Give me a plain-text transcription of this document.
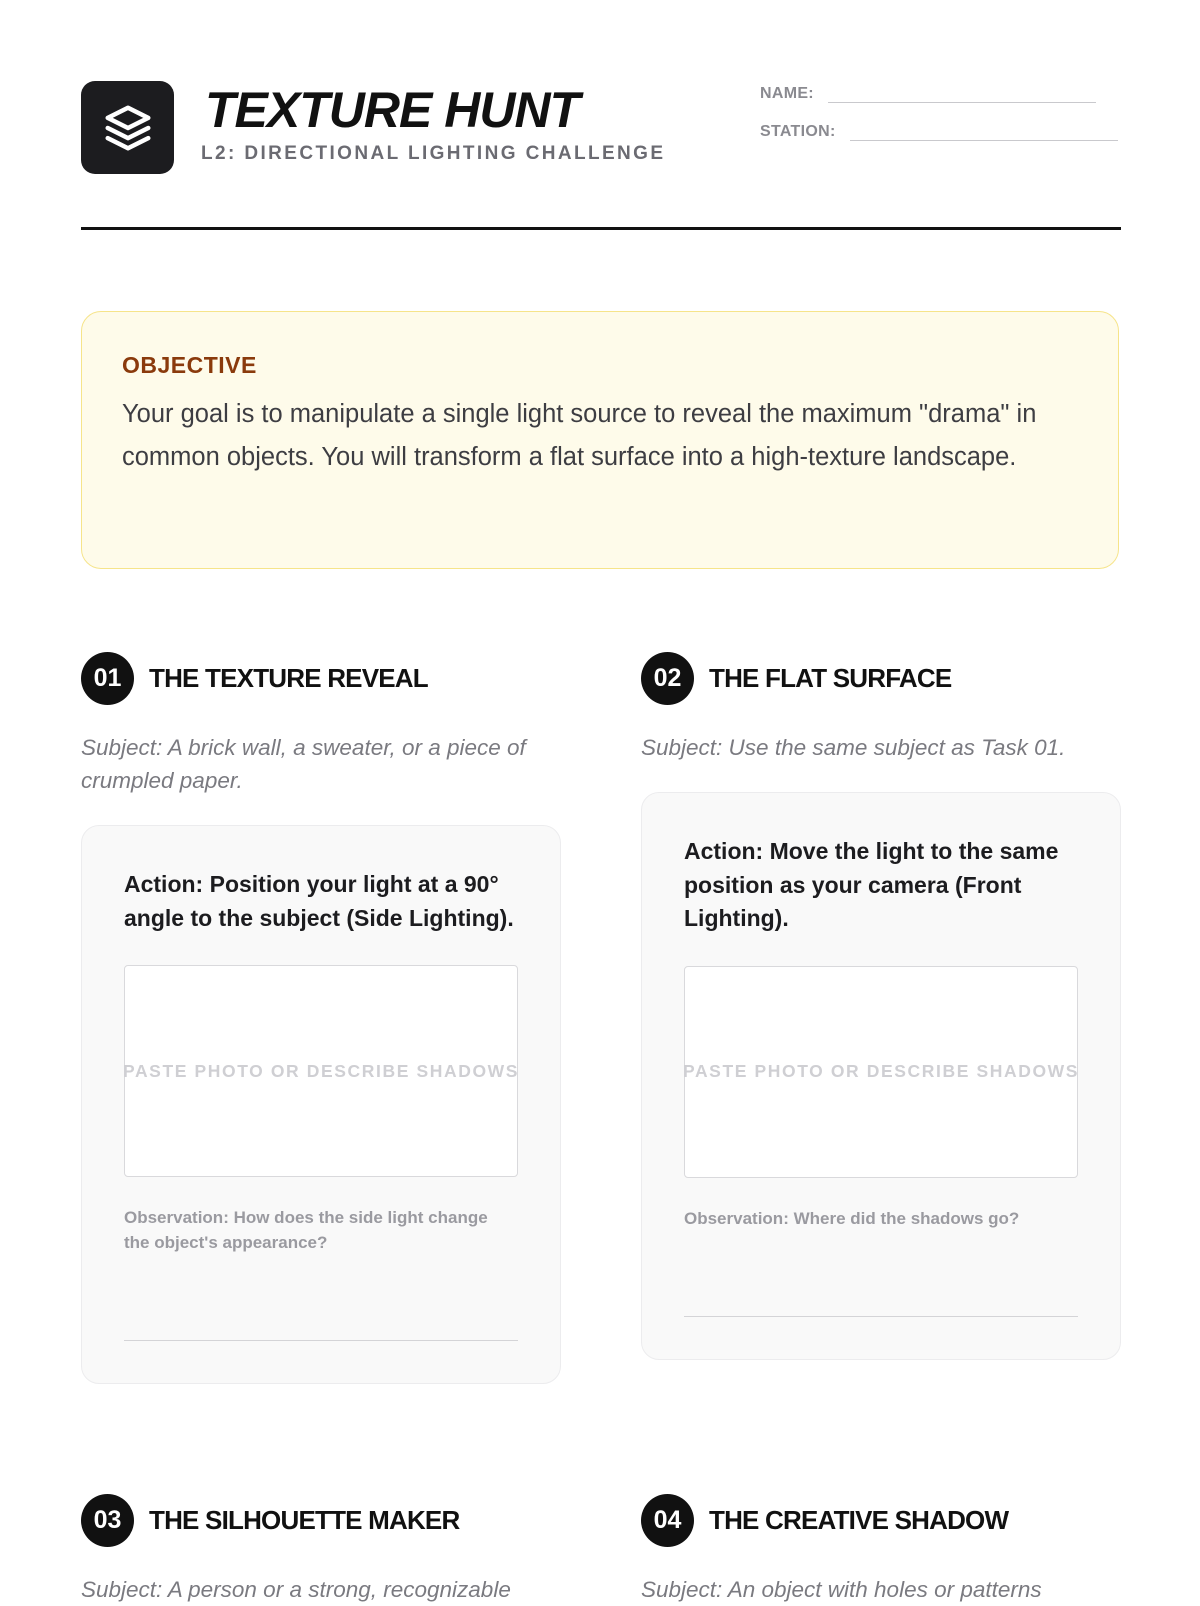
TEXTURE HUNT
L2: DIRECTIONAL LIGHTING CHALLENGE
NAME:
STATION:
OBJECTIVE

Your goal is to manipulate a single light source to reveal the maximum "drama" in common objects. You will transform a flat surface into a high-texture landscape.

01	THE TEXTURE REVEAL
Subject: A brick wall, a sweater, or a piece of crumpled paper.

Action: Position your light at a 90° angle to the subject (Side Lighting).

PASTE PHOTO OR DESCRIBE SHADOWS
Observation: How does the side light change the object's appearance?
02	THE FLAT SURFACE
Subject: Use the same subject as Task 01.

Action: Move the light to the same position as your camera (Front Lighting).

PASTE PHOTO OR DESCRIBE SHADOWS
Observation: Where did the shadows go?
03	THE SILHOUETTE MAKER
Subject: A person or a strong, recognizable
04	THE CREATIVE SHADOW
Subject: An object with holes or patterns
